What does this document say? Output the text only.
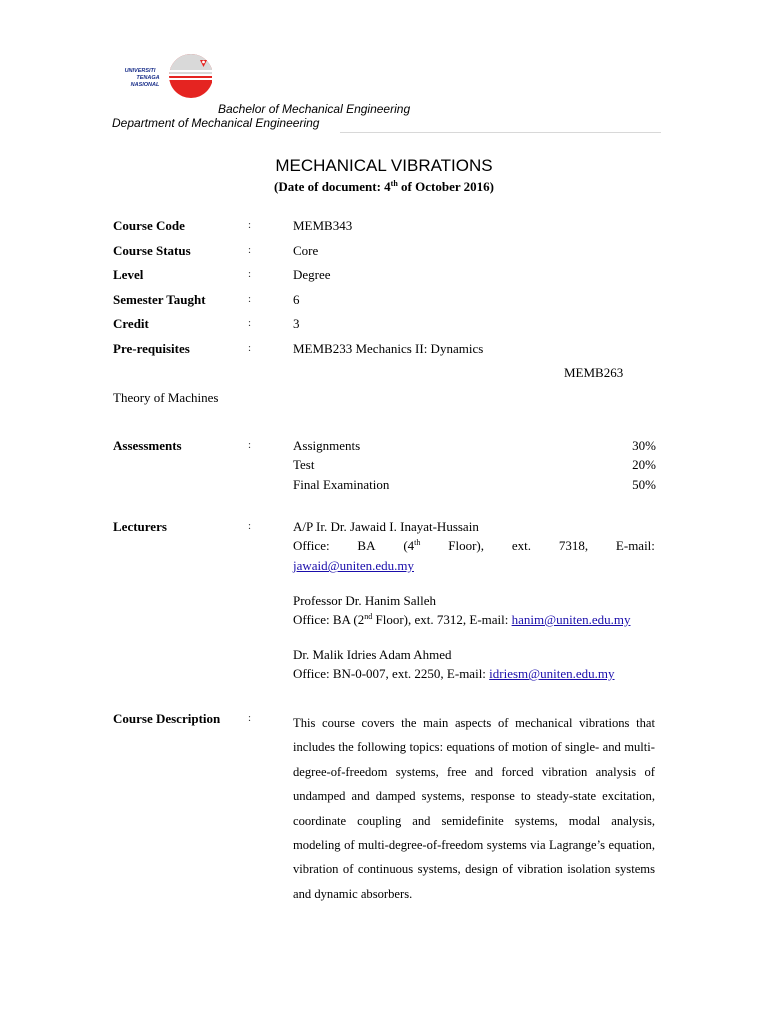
UNIVERSITI
TENAGA
NASIONAL
Bachelor of Mechanical Engineering
Department of Mechanical Engineering
MECHANICAL VIBRATIONS
(Date of document: 4th of October 2016)
Course Code	:	MEMB343
Course Status	:	Core
Level	:	Degree
Semester Taught	:	6
Credit	:	3
Pre-requisites	:	MEMB233 Mechanics II: Dynamics
MEMB263
Theory of Machines
Assessments	:	Assignments	30%
Test	20%
Final Examination	50%
Lecturers	:	A/P Ir. Dr. Jawaid I. Inayat-Hussain
Office: BA (4th Floor), ext. 7318, E-mail:
jawaid@uniten.edu.my
Professor Dr. Hanim Salleh
Office: BA (2nd Floor), ext. 7312, E-mail: hanim@uniten.edu.my
Dr. Malik Idries Adam Ahmed
Office: BN-0-007, ext. 2250, E-mail: idriesm@uniten.edu.my
Course Description	:	This course covers the main aspects of mechanical vibrations that includes the following topics: equations of motion of single- and multi-degree-of-freedom systems, free and forced vibration analysis of undamped and damped systems, response to steady-state excitation, coordinate coupling and semidefinite systems, modal analysis, modeling of multi-degree-of-freedom systems via Lagrange’s equation, vibration of continuous systems, design of vibration isolation systems and dynamic absorbers.
